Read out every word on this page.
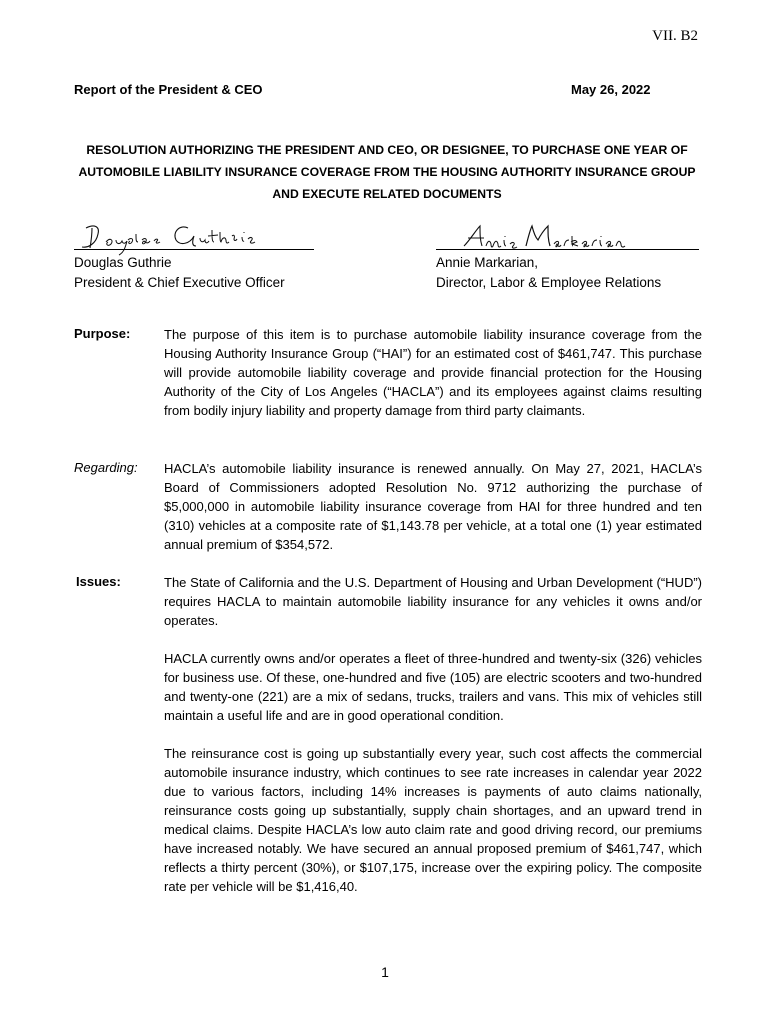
VII. B2
Report of the President & CEO	May 26, 2022
RESOLUTION AUTHORIZING THE PRESIDENT AND CEO, OR DESIGNEE, TO PURCHASE ONE YEAR OF AUTOMOBILE LIABILITY INSURANCE COVERAGE FROM THE HOUSING AUTHORITY INSURANCE GROUP AND EXECUTE RELATED DOCUMENTS
Douglas Guthrie
President & Chief Executive Officer
Annie Markarian,
Director, Labor & Employee Relations
Purpose:	The purpose of this item is to purchase automobile liability insurance coverage from the Housing Authority Insurance Group (“HAI”) for an estimated cost of $461,747. This purchase will provide automobile liability coverage and provide financial protection for the Housing Authority of the City of Los Angeles (“HACLA”) and its employees against claims resulting from bodily injury liability and property damage from third party claimants.

Regarding: HACLA’s automobile liability insurance is renewed annually. On May 27, 2021, HACLA’s Board of Commissioners adopted Resolution No. 9712 authorizing the purchase of $5,000,000 in automobile liability insurance coverage from HAI for three hundred and ten (310) vehicles at a composite rate of $1,143.78 per vehicle, at a total one (1) year estimated annual premium of $354,572.

Issues:	The State of California and the U.S. Department of Housing and Urban Development (“HUD”) requires HACLA to maintain automobile liability insurance for any vehicles it owns and/or operates.

HACLA currently owns and/or operates a fleet of three-hundred and twenty-six (326) vehicles for business use. Of these, one-hundred and five (105) are electric scooters and two-hundred and twenty-one (221) are a mix of sedans, trucks, trailers and vans. This mix of vehicles still maintain a useful life and are in good operational condition.

The reinsurance cost is going up substantially every year, such cost affects the commercial automobile insurance industry, which continues to see rate increases in calendar year 2022 due to various factors, including 14% increases is payments of auto claims nationally, reinsurance costs going up substantially, supply chain shortages, and an upward trend in medical claims. Despite HACLA’s low auto claim rate and good driving record, our premiums have increased notably. We have secured an annual proposed premium of $461,747, which reflects a thirty percent (30%), or $107,175, increase over the expiring policy. The composite rate per vehicle will be $1,416,40.

1
